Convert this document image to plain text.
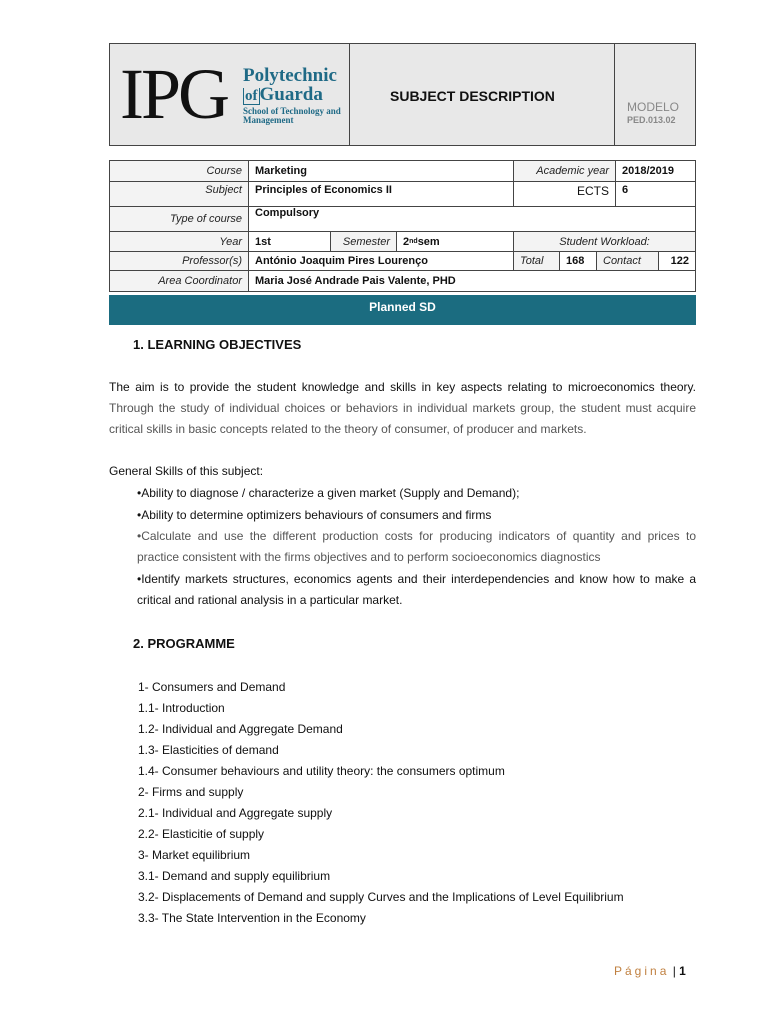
IPG Polytechnic
of Guarda
School of Technology and Management
SUBJECT DESCRIPTION
MODELO
PED.013.02
Course	Marketing	Academic year	2018/2019
Subject	Principles of Economics II	ECTS	6
Type of course	Compulsory
Year	1st	Semester	2 nd sem	Student Workload:
Professor(s)	António Joaquim Pires Lourenço	Total	168	Contact	122
Area Coordinator	Maria José Andrade Pais Valente, PHD
Planned SD
1. LEARNING OBJECTIVES
The aim is to provide the student knowledge and skills in key aspects relating to microeconomics theory. Through the study of individual choices or behaviors in individual markets group, the student must acquire critical skills in basic concepts related to the theory of consumer, of producer and markets.
General Skills of this subject:
•Ability to diagnose / characterize a given market (Supply and Demand);
•Ability to determine optimizers behaviours of consumers and firms
•Calculate and use the different production costs for producing indicators of quantity and prices to practice consistent with the firms objectives and to perform socioeconomics diagnostics
•Identify markets structures, economics agents and their interdependencies and know how to make a critical and rational analysis in a particular market.
2. PROGRAMME
1- Consumers and Demand
1.1- Introduction
1.2- Individual and Aggregate Demand
1.3- Elasticities of demand
1.4- Consumer behaviours and utility theory: the consumers optimum
2- Firms and supply
2.1- Individual and Aggregate supply
2.2- Elasticitie of supply
3- Market equilibrium
3.1- Demand and supply equilibrium
3.2- Displacements of Demand and supply Curves and the Implications of Level Equilibrium
3.3- The State Intervention in the Economy
Página | 1
